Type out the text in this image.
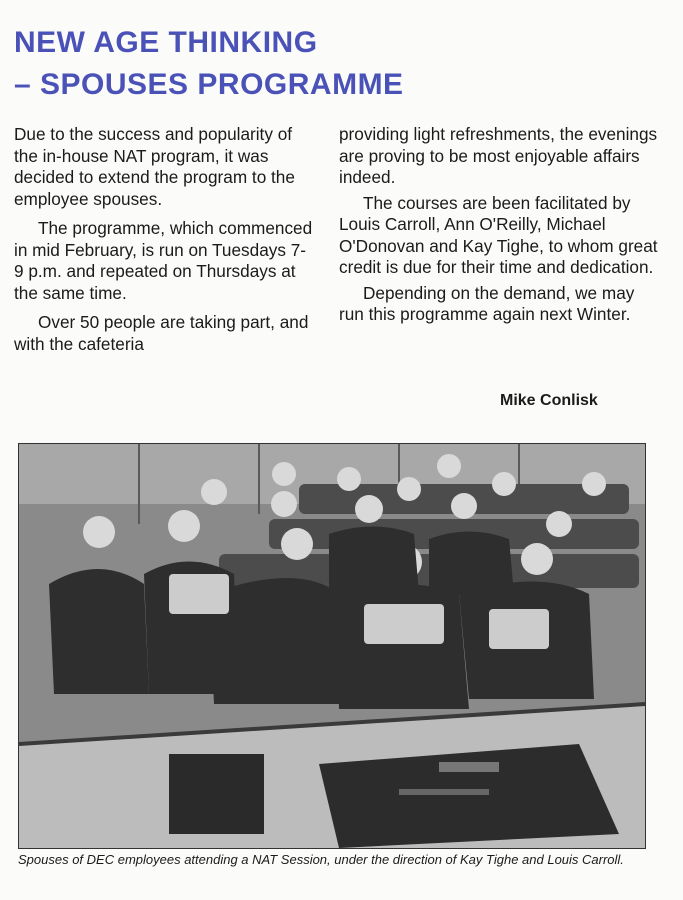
NEW AGE THINKING
– SPOUSES PROGRAMME

Due to the success and popularity of the in-house NAT program, it was decided to extend the program to the employee spouses.

The programme, which commenced in mid February, is run on Tuesdays 7-9 p.m. and repeated on Thursdays at the same time.

Over 50 people are taking part, and with the cafeteria

providing light refreshments, the evenings are proving to be most enjoyable affairs indeed.

The courses are been facilitated by Louis Carroll, Ann O'Reilly, Michael O'Donovan and Kay Tighe, to whom great credit is due for their time and dedication.

Depending on the demand, we may run this programme again next Winter.

Mike Conlisk
Spouses of DEC employees attending a NAT Session, under the direction of Kay Tighe and Louis Carroll.
